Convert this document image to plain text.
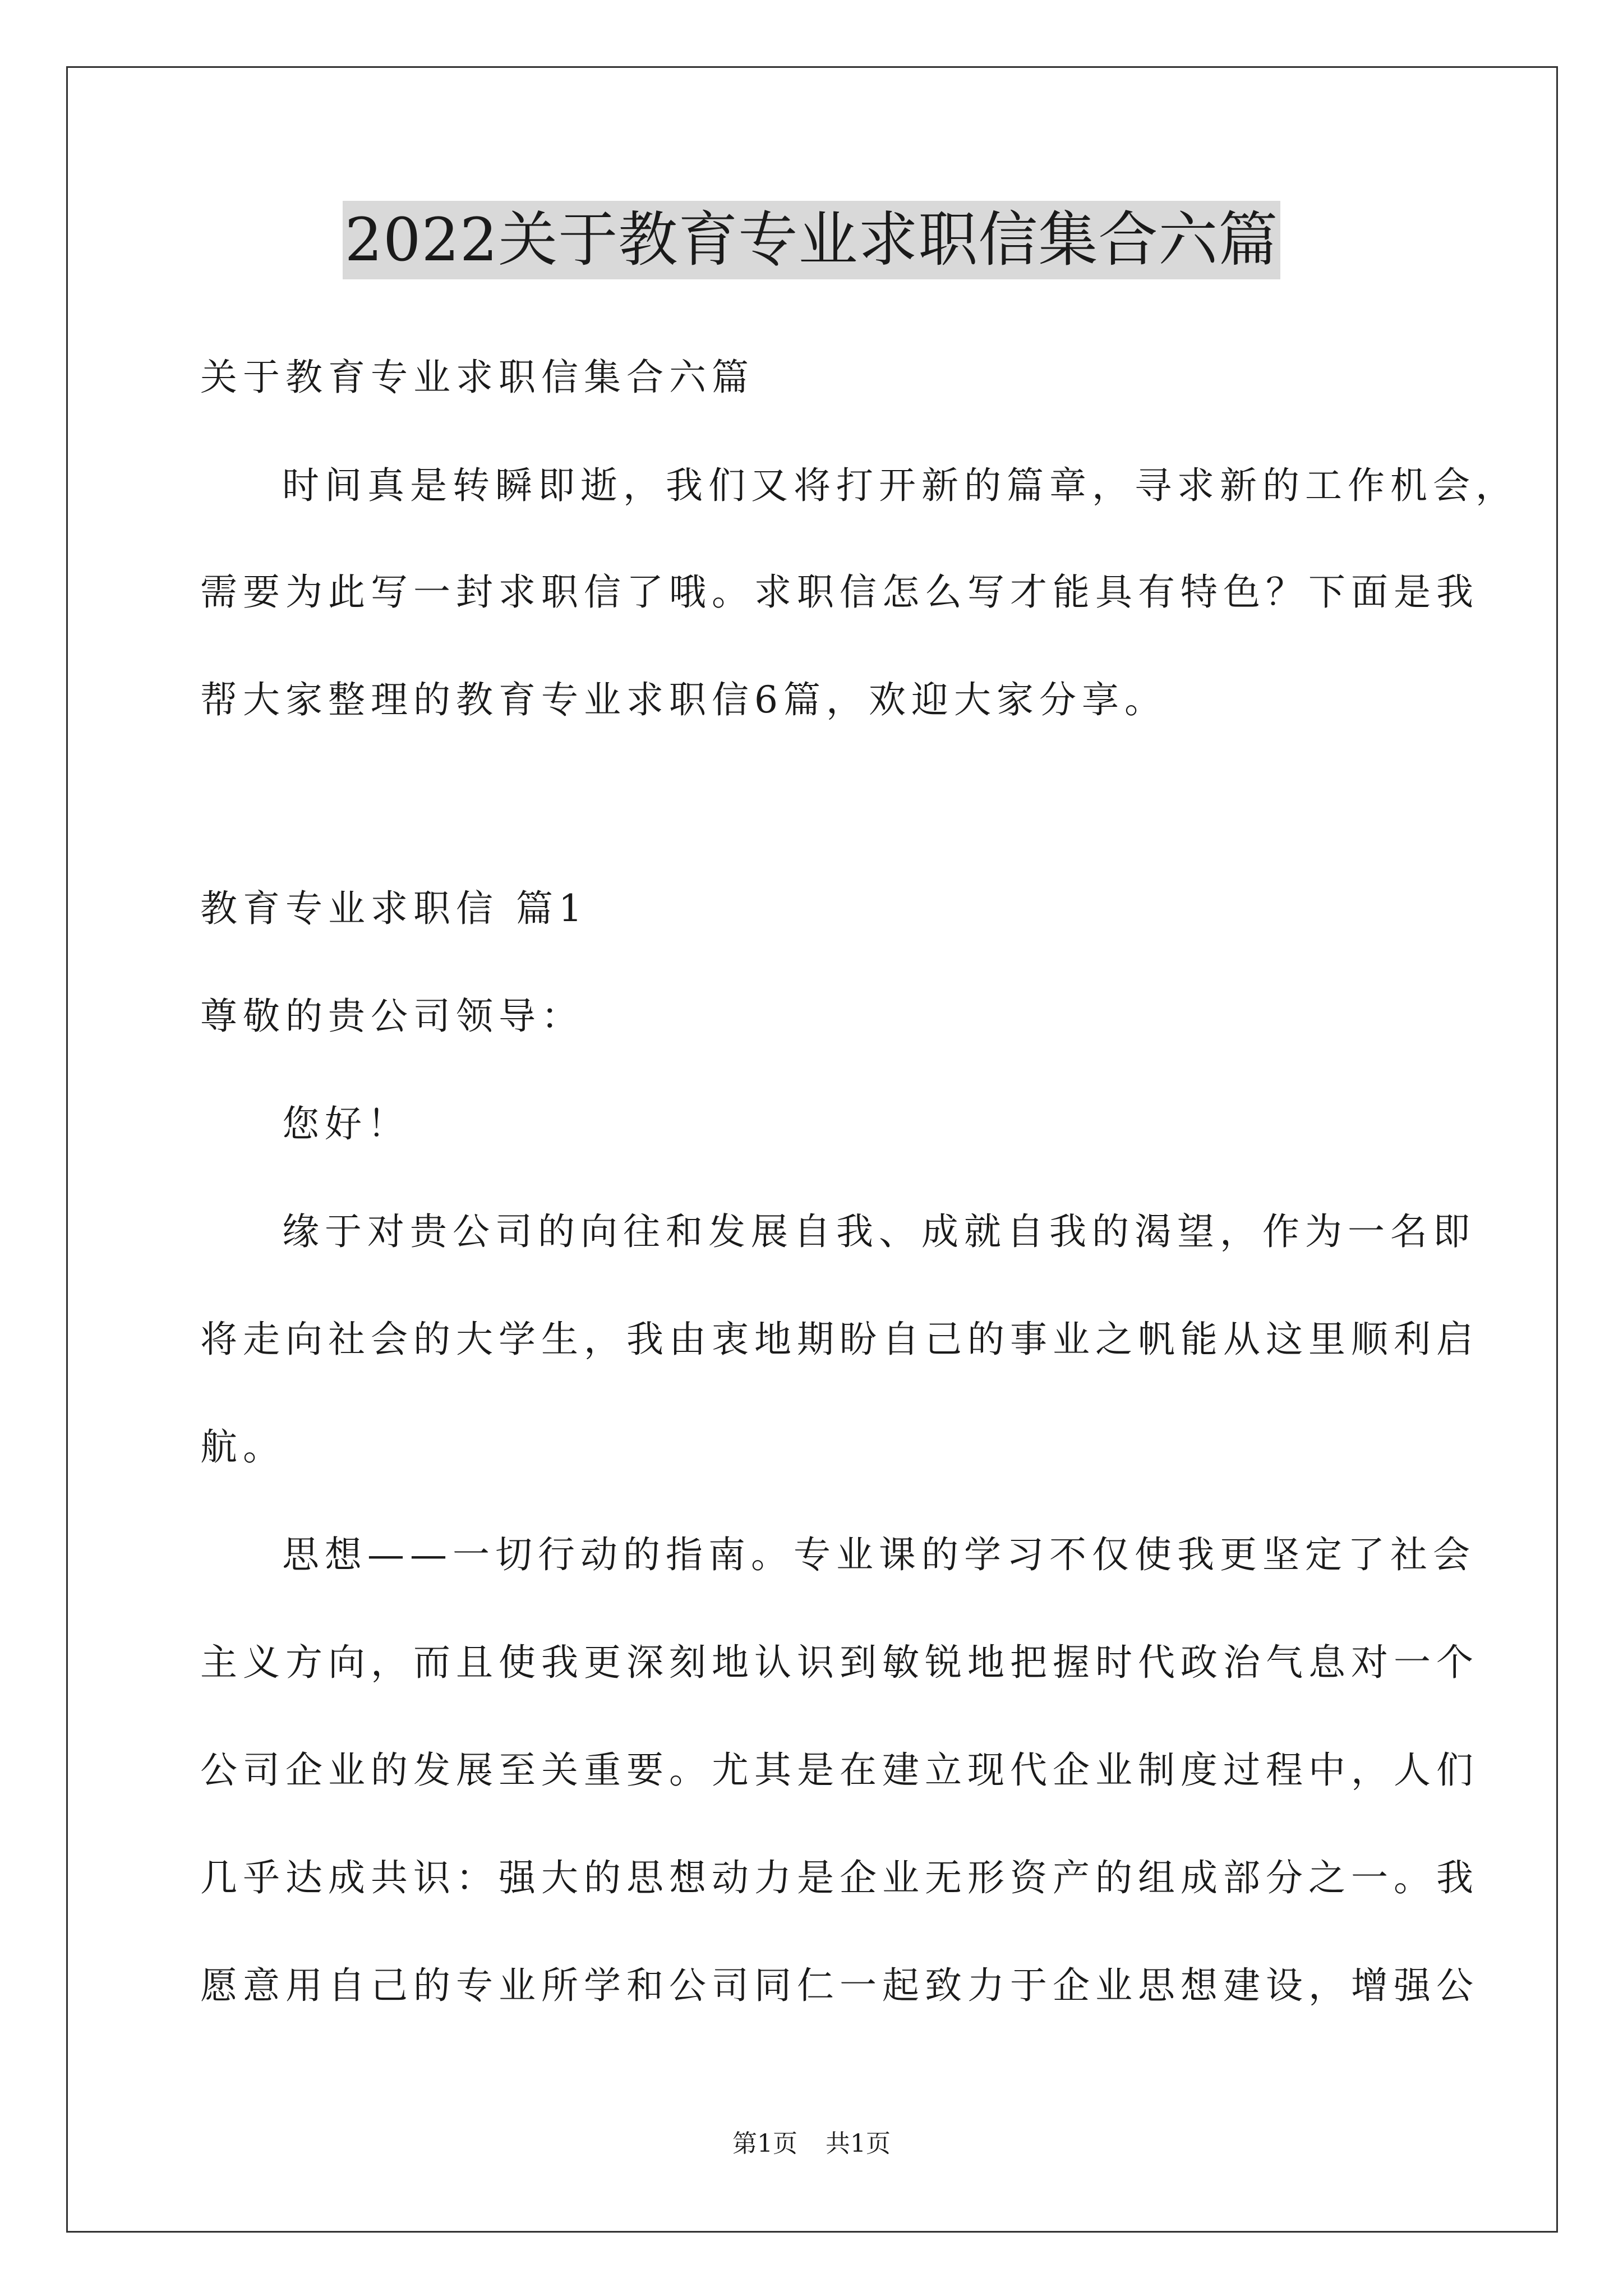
2022关于教育专业求职信集合六篇
关于教育专业求职信集合六篇
时间真是转瞬即逝，我们又将打开新的篇章，寻求新的工作机会，
需要为此写一封求职信了哦。求职信怎么写才能具有特色？下面是我
帮大家整理的教育专业求职信6篇，欢迎大家分享。
教育专业求职信 篇1
尊敬的贵公司领导：
您好！
缘于对贵公司的向往和发展自我、成就自我的渴望，作为一名即
将走向社会的大学生，我由衷地期盼自己的事业之帆能从这里顺利启
航。
思想——一切行动的指南。专业课的学习不仅使我更坚定了社会
主义方向，而且使我更深刻地认识到敏锐地把握时代政治气息对一个
公司企业的发展至关重要。尤其是在建立现代企业制度过程中，人们
几乎达成共识：强大的思想动力是企业无形资产的组成部分之一。我
愿意用自己的专业所学和公司同仁一起致力于企业思想建设，增强公
第1页 共1页
